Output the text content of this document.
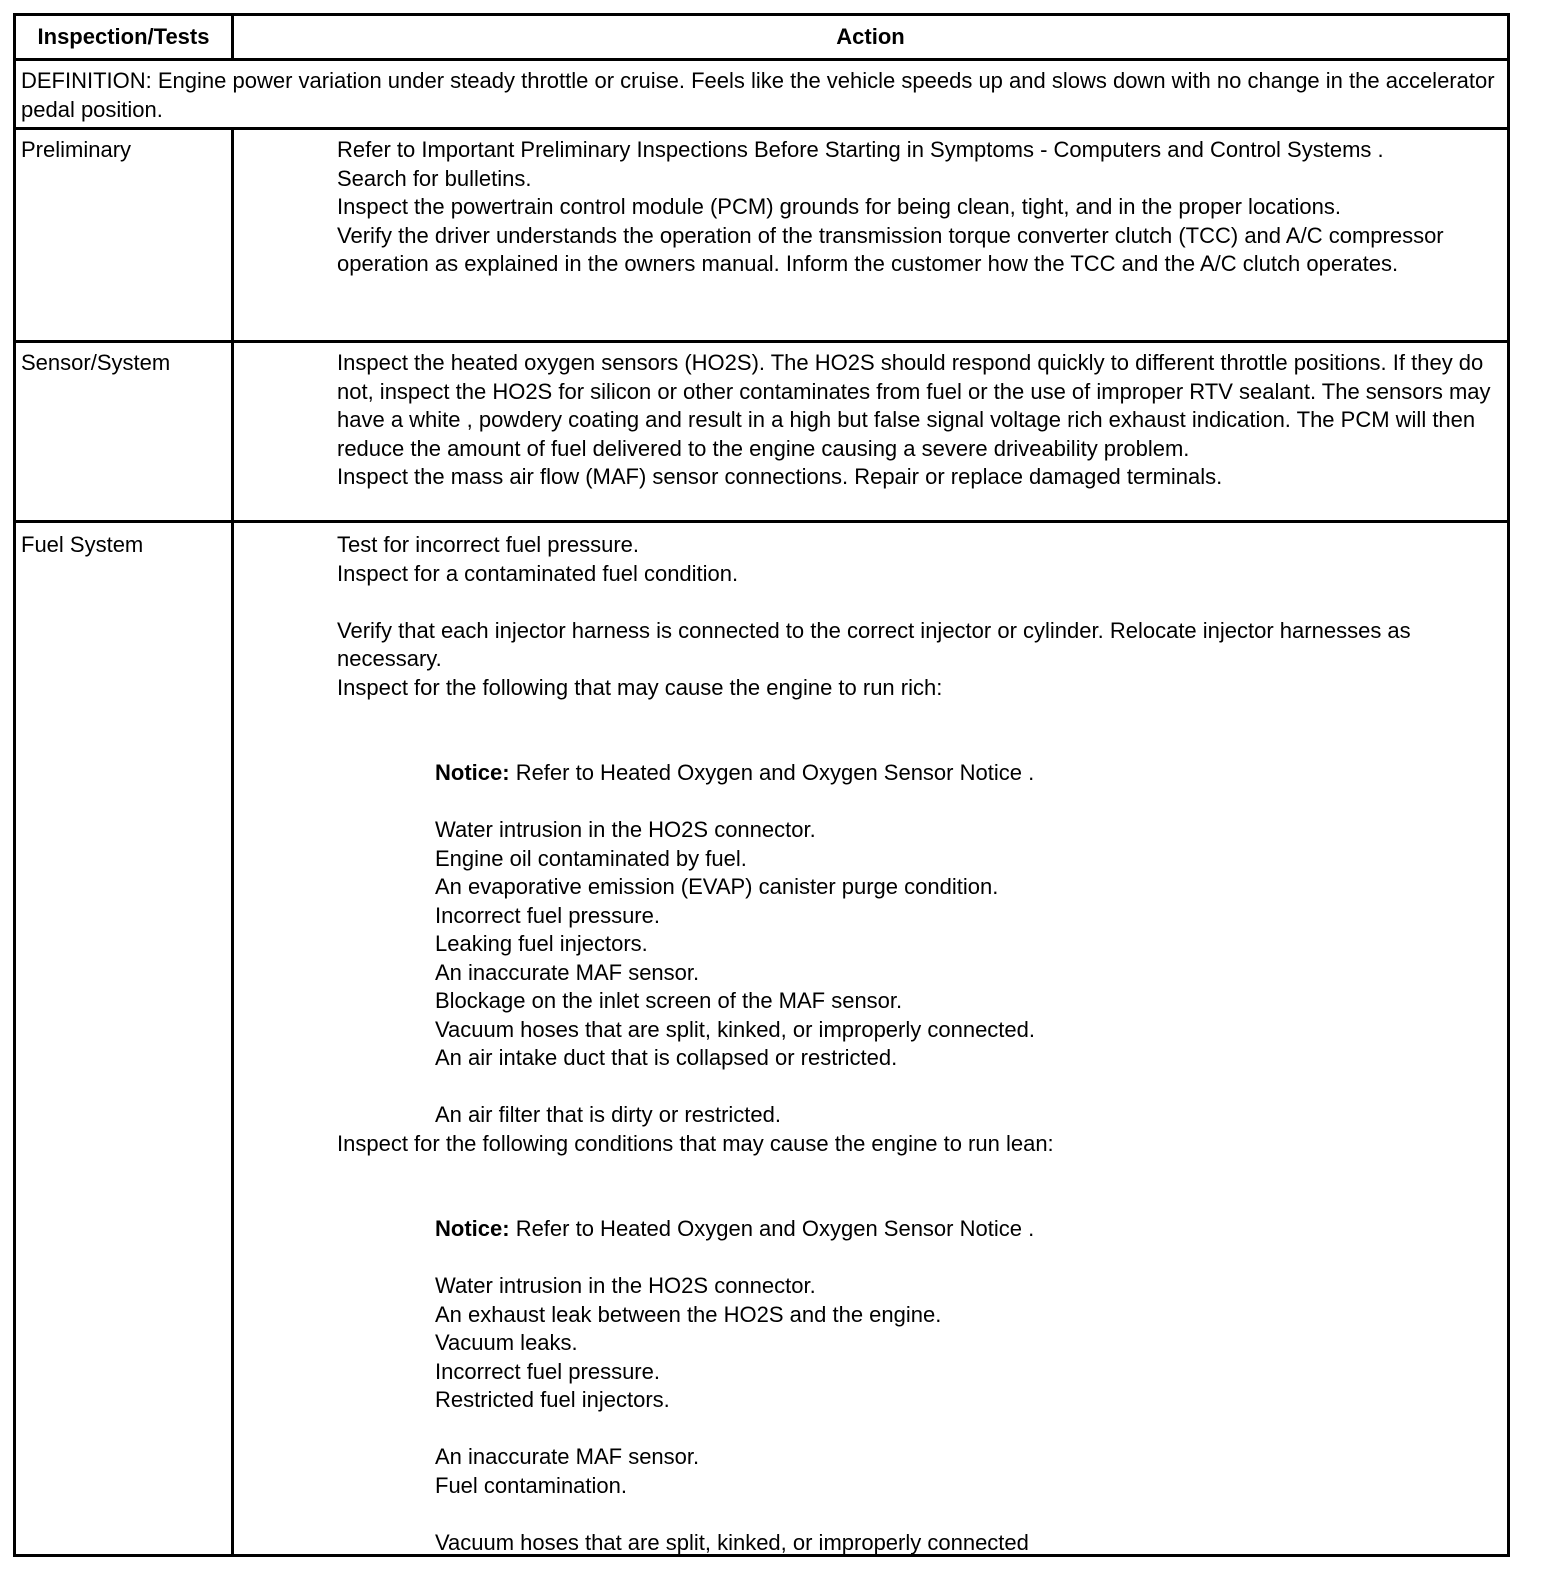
Inspection/Tests	Action
DEFINITION: Engine power variation under steady throttle or cruise. Feels like the vehicle speeds up and slows down with no change in the accelerator pedal position.
Preliminary	Refer to Important Preliminary Inspections Before Starting in Symptoms - Computers and Control Systems .
Search for bulletins.
Inspect the powertrain control module (PCM) grounds for being clean, tight, and in the proper locations.
Verify the driver understands the operation of the transmission torque converter clutch (TCC) and A/C compressor operation as explained in the owners manual. Inform the customer how the TCC and the A/C clutch operates.
Sensor/System	Inspect the heated oxygen sensors (HO2S). The HO2S should respond quickly to different throttle positions. If they do not, inspect the HO2S for silicon or other contaminates from fuel or the use of improper RTV sealant. The sensors may have a white , powdery coating and result in a high but false signal voltage rich exhaust indication. The PCM will then reduce the amount of fuel delivered to the engine causing a severe driveability problem.
Inspect the mass air flow (MAF) sensor connections. Repair or replace damaged terminals.
Fuel System	Test for incorrect fuel pressure.
Inspect for a contaminated fuel condition.
Verify that each injector harness is connected to the correct injector or cylinder. Relocate injector harnesses as necessary.
Inspect for the following that may cause the engine to run rich:
Notice: Refer to Heated Oxygen and Oxygen Sensor Notice .
Water intrusion in the HO2S connector.
Engine oil contaminated by fuel.
An evaporative emission (EVAP) canister purge condition.
Incorrect fuel pressure.
Leaking fuel injectors.
An inaccurate MAF sensor.
Blockage on the inlet screen of the MAF sensor.
Vacuum hoses that are split, kinked, or improperly connected.
An air intake duct that is collapsed or restricted.
An air filter that is dirty or restricted.
Inspect for the following conditions that may cause the engine to run lean:
Notice: Refer to Heated Oxygen and Oxygen Sensor Notice .
Water intrusion in the HO2S connector.
An exhaust leak between the HO2S and the engine.
Vacuum leaks.
Incorrect fuel pressure.
Restricted fuel injectors.
An inaccurate MAF sensor.
Fuel contamination.
Vacuum hoses that are split, kinked, or improperly connected
